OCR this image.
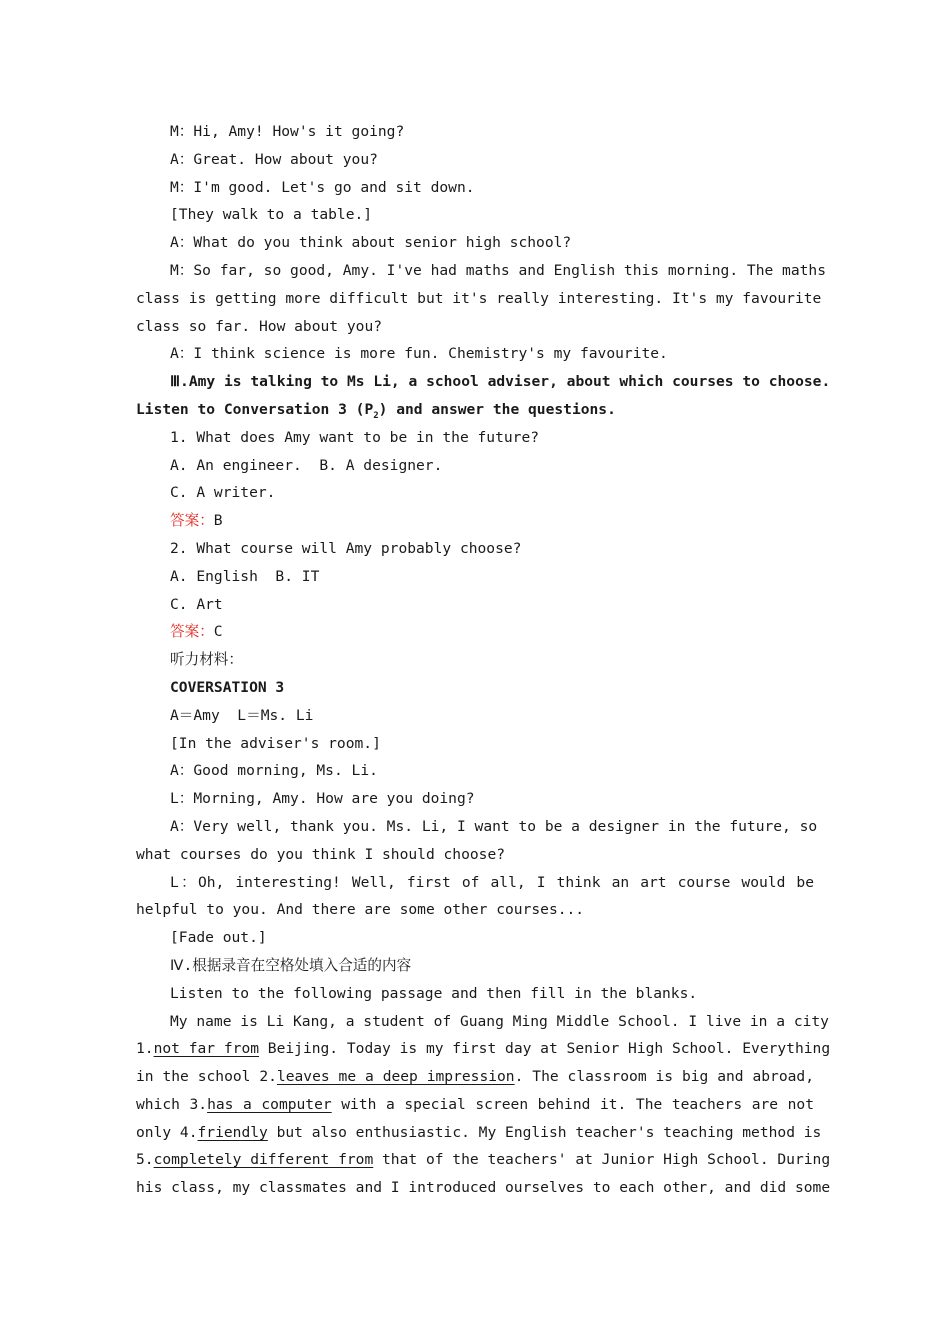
M：Hi, Amy! How's it going?
A：Great. How about you?
M：I'm good. Let's go and sit down.
[They walk to a table.]
A：What do you think about senior high school?
M：So far, so good, Amy. I've had maths and English this morning. The maths
class is getting more difficult but it's really interesting. It's my favourite
class so far. How about you?
A：I think science is more fun. Chemistry's my favourite.
Ⅲ.Amy is talking to Ms Li, a school adviser, about which courses to choose.
Listen to Conversation 3 $(P_2)$ and answer the questions.
1. What does Amy want to be in the future?
A. An engineer.  B. A designer.
C. A writer.
答案：B
2. What course will Amy probably choose?
A. English  B. IT
C. Art
答案：C
听力材料：
COVERSATION 3
A＝Amy  L＝Ms. Li
[In the adviser's room.]
A：Good morning, Ms. Li.
L：Morning, Amy. How are you doing?
A：Very well, thank you. Ms. Li, I want to be a designer in the future, so
what courses do you think I should choose?
L：Oh, interesting! Well, first of all, I think an art course would be
helpful to you. And there are some other courses...
[Fade out.]
Ⅳ.根据录音在空格处填入合适的内容
Listen to the following passage and then fill in the blanks.
My name is Li Kang, a student of Guang Ming Middle School. I live in a city
1.not far from Beijing. Today is my first day at Senior High School. Everything
in the school 2.leaves me a deep impression. The classroom is big and abroad,
which 3.has a computer with a special screen behind it. The teachers are not
only 4.friendly but also enthusiastic. My English teacher's teaching method is
5.completely different from that of the teachers' at Junior High School. During
his class, my classmates and I introduced ourselves to each other, and did some
